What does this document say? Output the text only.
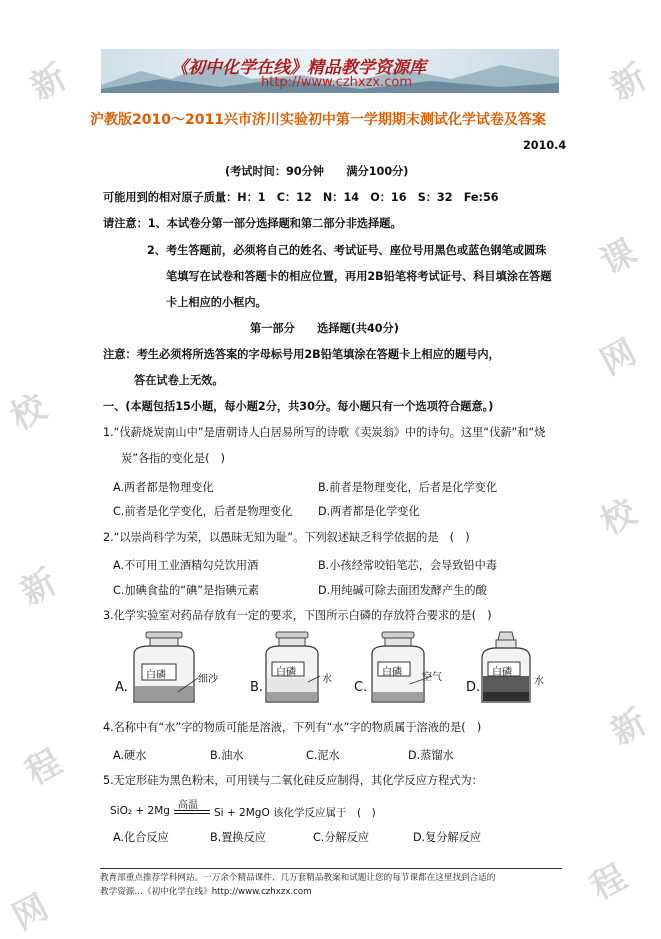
新	新
课
校
网
新
校
新
程
程
网
《初中化学在线》精品教学资源库
http://www.czhxzx.com
沪教版2010～2011兴市济川实验初中第一学期期末测试化学试卷及答案
2010.4
(考试时间：90分钟　　满分100分)
可能用到的相对原子质量：H：1　C：12　N：14　O：16　S：32　Fe:56
请注意：1、本试卷分第一部分选择题和第二部分非选择题。
2、考生答题前，必须将自己的姓名、考试证号、座位号用黑色或蓝色钢笔或圆珠
笔填写在试卷和答题卡的相应位置，再用2B铅笔将考试证号、科目填涂在答题
卡上相应的小框内。
第一部分　　选择题(共40分)
注意：考生必须将所选答案的字母标号用2B铅笔填涂在答题卡上相应的题号内，
答在试卷上无效。
一、(本题包括15小题，每小题2分，共30分。每小题只有一个选项符合题意。)
1.“伐薪烧炭南山中”是唐朝诗人白居易所写的诗歌《卖炭翁》中的诗句。这里“伐薪”和“烧
炭”各指的变化是(　)
A.两者都是物理变化	B.前者是物理变化，后者是化学变化
C.前者是化学变化，后者是物理变化 D.两者都是化学变化
2.“以崇尚科学为荣，以愚昧无知为耻”。下列叙述缺乏科学依据的是　(　)
A.不可用工业酒精勾兑饮用酒	B.小孩经常咬铅笔芯，会导致铅中毒
C.加碘食盐的“碘”是指碘元素	D.用纯碱可除去面团发酵产生的酸
3.化学实验室对药品存放有一定的要求，下图所示白磷的存放符合要求的是(　)
A.
白磷	细沙
B.
白磷
水
C.
白磷 空气
D.
白磷
水
4.名称中有“水”字的物质可能是溶液，下列有“水”字的物质属于溶液的是(　)
A.硬水	B.油水	C.泥水	D.蒸馏水
5.无定形硅为黑色粉末，可用镁与二氧化硅反应制得，其化学反应方程式为：
SiO₂ + 2Mg 高温
Si + 2MgO 该化学反应属于　(　)
A.化合反应	B.置换反应	C.分解反应	D.复分解反应
教育部重点推荐学科网站。一万余个精品课件、几万套精品教案和试题让您的每节课都在这里找到合适的
教学资源…《初中化学在线》http://www.czhxzx.com
